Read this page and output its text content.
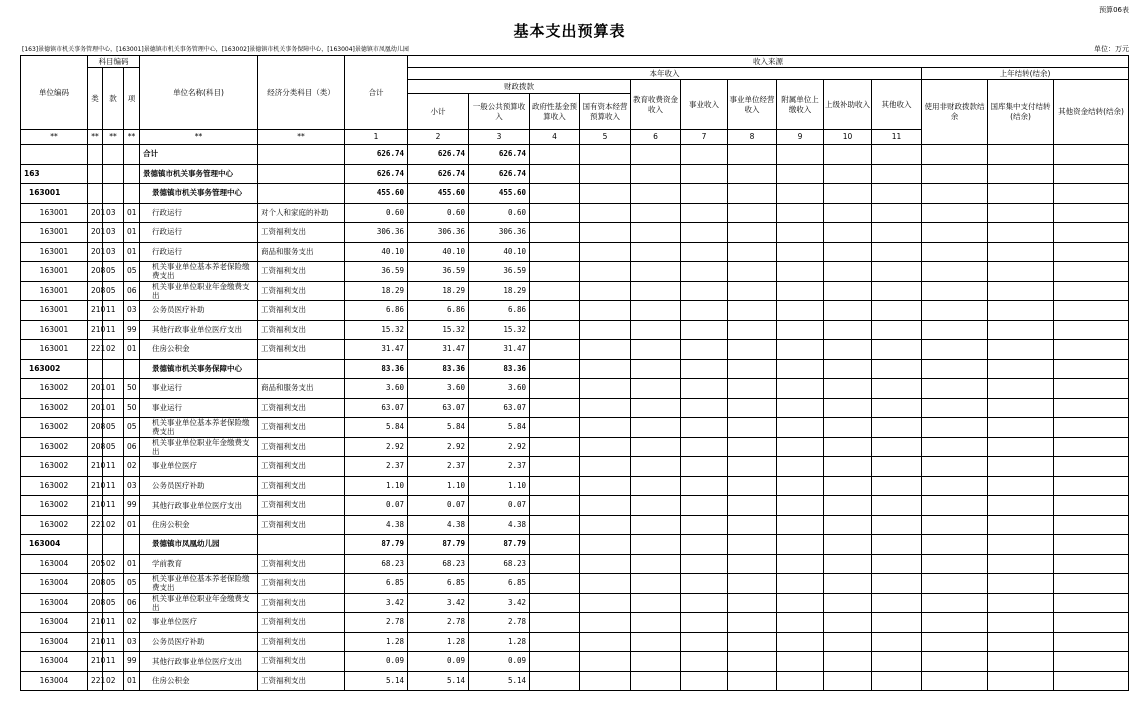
预算06表
基本支出预算表
[163]景德镇市机关事务管理中心，[163001]景德镇市机关事务管理中心，[163002]景德镇市机关事务保障中心，[163004]景德镇市凤凰幼儿园	单位：万元
单位编码	科目编码			单位名称(科目)	经济分类科目（类）	合计	收入来源													
	类	款	项				本年收入										上年结转(结余)			
							财政拨款				教育收费资金收入	事业收入	事业单位经营收入	附属单位上缴收入	上级补助收入	其他收入	使用非财政拨款结余	国库集中支付结转(结余)	其他资金结转(结余)	
							小计	一般公共预算收入	政府性基金预算收入	国有资本经营预算收入										
**	**	**	**	**	**	1	2	3	4	5	6	7	8	9	10	11			
				合计		626.74	626.74	626.74												
163				景德镇市机关事务管理中心		626.74	626.74	626.74												
163001				景德镇市机关事务管理中心		455.60	455.60	455.60												
163001	201	03	01	行政运行	对个人和家庭的补助	0.60	0.60	0.60												
163001	201	03	01	行政运行	工资福利支出	306.36	306.36	306.36												
163001	201	03	01	行政运行	商品和服务支出	40.10	40.10	40.10												
163001	208	05	05	机关事业单位基本养老保险缴费支出	工资福利支出	36.59	36.59	36.59												
163001	208	05	06	机关事业单位职业年金缴费支出	工资福利支出	18.29	18.29	18.29												
163001	210	11	03	公务员医疗补助	工资福利支出	6.86	6.86	6.86												
163001	210	11	99	其他行政事业单位医疗支出	工资福利支出	15.32	15.32	15.32												
163001	221	02	01	住房公积金	工资福利支出	31.47	31.47	31.47												
163002				景德镇市机关事务保障中心		83.36	83.36	83.36												
163002	201	01	50	事业运行	商品和服务支出	3.60	3.60	3.60												
163002	201	01	50	事业运行	工资福利支出	63.07	63.07	63.07												
163002	208	05	05	机关事业单位基本养老保险缴费支出	工资福利支出	5.84	5.84	5.84												
163002	208	05	06	机关事业单位职业年金缴费支出	工资福利支出	2.92	2.92	2.92												
163002	210	11	02	事业单位医疗	工资福利支出	2.37	2.37	2.37												
163002	210	11	03	公务员医疗补助	工资福利支出	1.10	1.10	1.10												
163002	210	11	99	其他行政事业单位医疗支出	工资福利支出	0.07	0.07	0.07												
163002	221	02	01	住房公积金	工资福利支出	4.38	4.38	4.38												
163004				景德镇市凤凰幼儿园		87.79	87.79	87.79												
163004	205	02	01	学前教育	工资福利支出	68.23	68.23	68.23												
163004	208	05	05	机关事业单位基本养老保险缴费支出	工资福利支出	6.85	6.85	6.85												
163004	208	05	06	机关事业单位职业年金缴费支出	工资福利支出	3.42	3.42	3.42												
163004	210	11	02	事业单位医疗	工资福利支出	2.78	2.78	2.78												
163004	210	11	03	公务员医疗补助	工资福利支出	1.28	1.28	1.28												
163004	210	11	99	其他行政事业单位医疗支出	工资福利支出	0.09	0.09	0.09												
163004	221	02	01	住房公积金	工资福利支出	5.14	5.14	5.14												
